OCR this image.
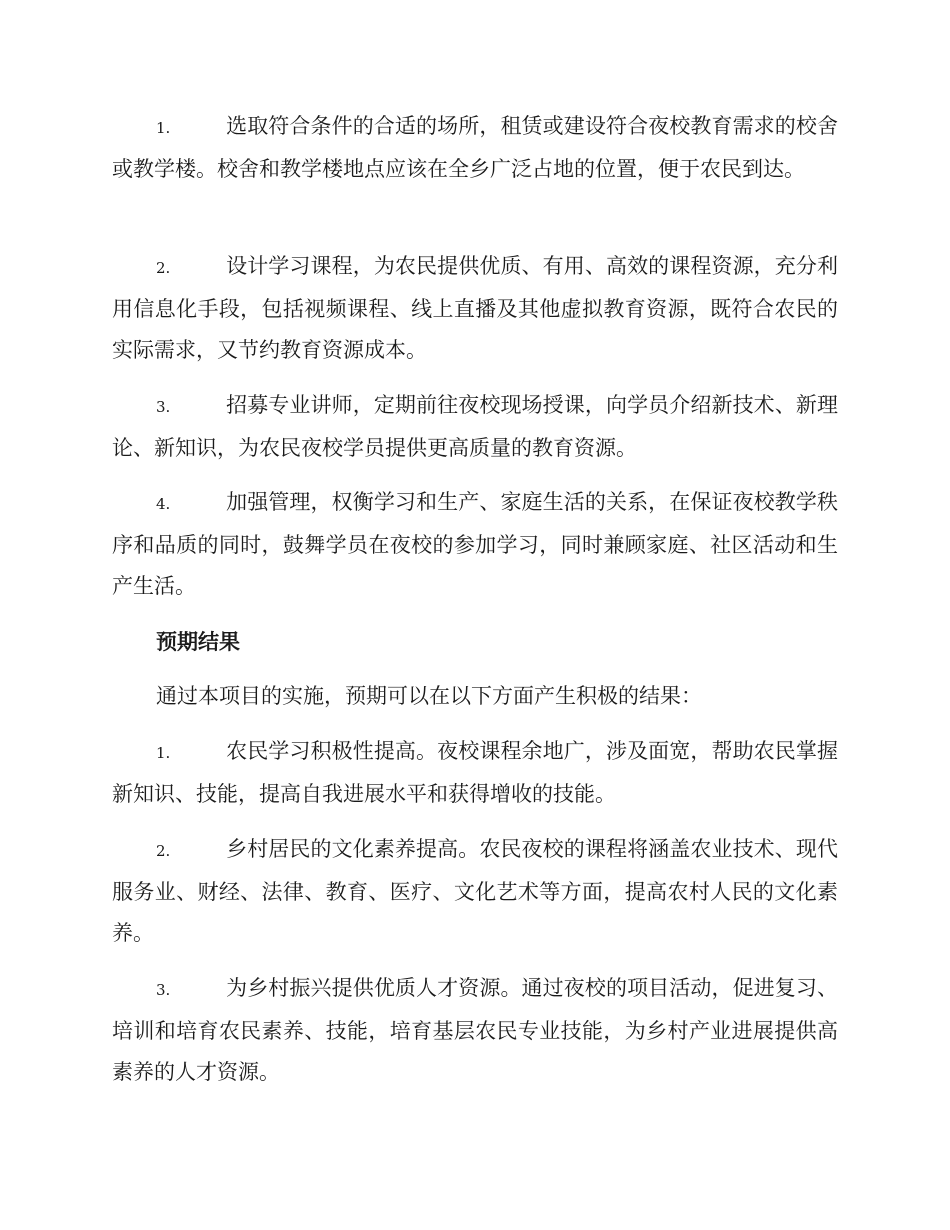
1.	选取符合条件的合适的场所，租赁或建设符合夜校教育需求的校舍或教学楼。校舍和教学楼地点应该在全乡广泛占地的位置，便于农民到达。

2.	设计学习课程，为农民提供优质、有用、高效的课程资源，充分利用信息化手段，包括视频课程、线上直播及其他虚拟教育资源，既符合农民的实际需求，又节约教育资源成本。

3.	招募专业讲师，定期前往夜校现场授课，向学员介绍新技术、新理论、新知识，为农民夜校学员提供更高质量的教育资源。

4.	加强管理，权衡学习和生产、家庭生活的关系，在保证夜校教学秩序和品质的同时，鼓舞学员在夜校的参加学习，同时兼顾家庭、社区活动和生产生活。

预期结果

通过本项目的实施，预期可以在以下方面产生积极的结果：

1.	农民学习积极性提高。夜校课程余地广，涉及面宽，帮助农民掌握新知识、技能，提高自我进展水平和获得增收的技能。

2.	乡村居民的文化素养提高。农民夜校的课程将涵盖农业技术、现代服务业、财经、法律、教育、医疗、文化艺术等方面，提高农村人民的文化素养。

3.	为乡村振兴提供优质人才资源。通过夜校的项目活动，促进复习、培训和培育农民素养、技能，培育基层农民专业技能，为乡村产业进展提供高素养的人才资源。
